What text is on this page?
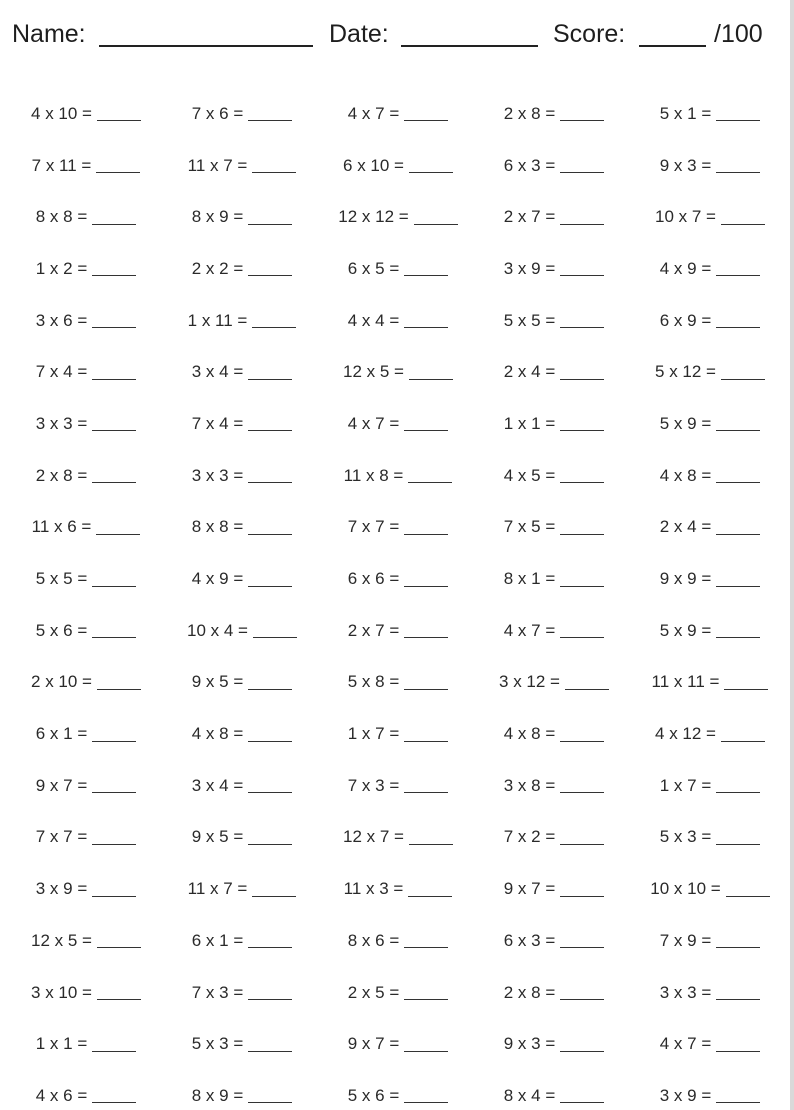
Name:	Date:	Score:	/100
4 x 10 =	7 x 6 =	4 x 7 =	2 x 8 =	5 x 1 =
7 x 11 =	11 x 7 =	6 x 10 =	6 x 3 =	9 x 3 =
8 x 8 =	8 x 9 =	12 x 12 =	2 x 7 =	10 x 7 =
1 x 2 =	2 x 2 =	6 x 5 =	3 x 9 =	4 x 9 =
3 x 6 =	1 x 11 =	4 x 4 =	5 x 5 =	6 x 9 =
7 x 4 =	3 x 4 =	12 x 5 =	2 x 4 =	5 x 12 =
3 x 3 =	7 x 4 =	4 x 7 =	1 x 1 =	5 x 9 =
2 x 8 =	3 x 3 =	11 x 8 =	4 x 5 =	4 x 8 =
11 x 6 =	8 x 8 =	7 x 7 =	7 x 5 =	2 x 4 =
5 x 5 =	4 x 9 =	6 x 6 =	8 x 1 =	9 x 9 =
5 x 6 =	10 x 4 =	2 x 7 =	4 x 7 =	5 x 9 =
2 x 10 =	9 x 5 =	5 x 8 =	3 x 12 =	11 x 11 =
6 x 1 =	4 x 8 =	1 x 7 =	4 x 8 =	4 x 12 =
9 x 7 =	3 x 4 =	7 x 3 =	3 x 8 =	1 x 7 =
7 x 7 =	9 x 5 =	12 x 7 =	7 x 2 =	5 x 3 =
3 x 9 =	11 x 7 =	11 x 3 =	9 x 7 =	10 x 10 =
12 x 5 =	6 x 1 =	8 x 6 =	6 x 3 =	7 x 9 =
3 x 10 =	7 x 3 =	2 x 5 =	2 x 8 =	3 x 3 =
1 x 1 =	5 x 3 =	9 x 7 =	9 x 3 =	4 x 7 =
4 x 6 =	8 x 9 =	5 x 6 =	8 x 4 =	3 x 9 =
